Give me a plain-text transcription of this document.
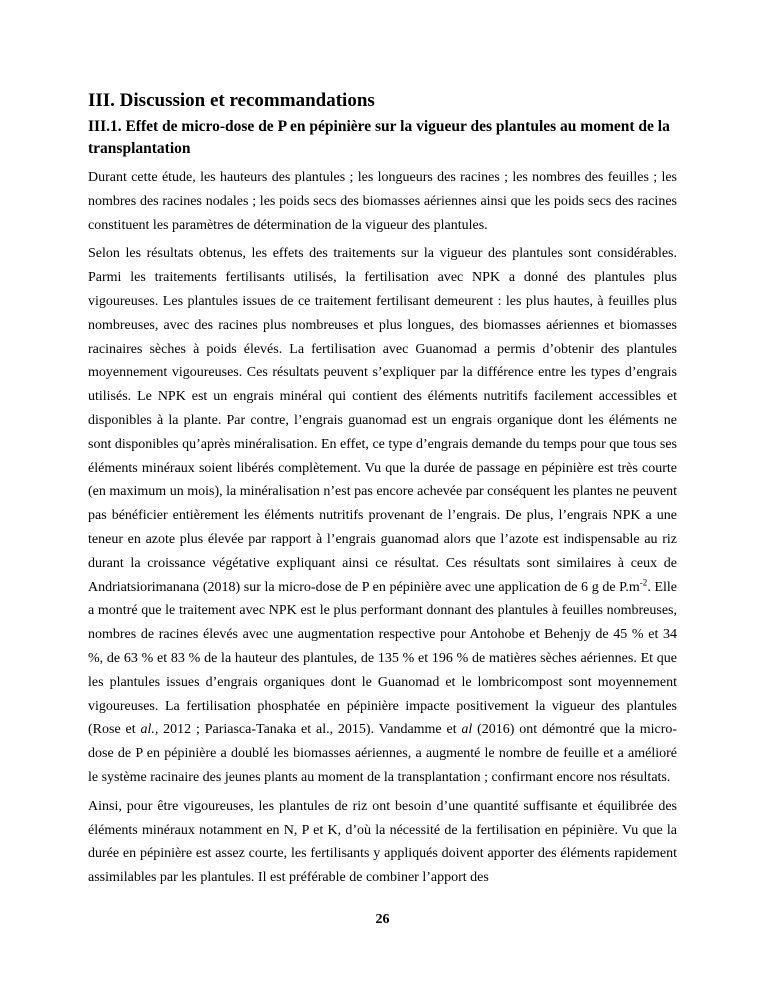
III. Discussion et recommandations
III.1. Effet de micro-dose de P en pépinière sur la vigueur des plantules au moment de la transplantation

Durant cette étude, les hauteurs des plantules ; les longueurs des racines ; les nombres des feuilles ; les nombres des racines nodales ; les poids secs des biomasses aériennes ainsi que les poids secs des racines constituent les paramètres de détermination de la vigueur des plantules.

Selon les résultats obtenus, les effets des traitements sur la vigueur des plantules sont considérables. Parmi les traitements fertilisants utilisés, la fertilisation avec NPK a donné des plantules plus vigoureuses. Les plantules issues de ce traitement fertilisant demeurent : les plus hautes, à feuilles plus nombreuses, avec des racines plus nombreuses et plus longues, des biomasses aériennes et biomasses racinaires sèches à poids élevés. La fertilisation avec Guanomad a permis d’obtenir des plantules moyennement vigoureuses. Ces résultats peuvent s’expliquer par la différence entre les types d’engrais utilisés. Le NPK est un engrais minéral qui contient des éléments nutritifs facilement accessibles et disponibles à la plante. Par contre, l’engrais guanomad est un engrais organique dont les éléments ne sont disponibles qu’après minéralisation. En effet, ce type d’engrais demande du temps pour que tous ses éléments minéraux soient libérés complètement. Vu que la durée de passage en pépinière est très courte (en maximum un mois), la minéralisation n’est pas encore achevée par conséquent les plantes ne peuvent pas bénéficier entièrement les éléments nutritifs provenant de l’engrais. De plus, l’engrais NPK a une teneur en azote plus élevée par rapport à l’engrais guanomad alors que l’azote est indispensable au riz durant la croissance végétative expliquant ainsi ce résultat. Ces résultats sont similaires à ceux de Andriatsiorimanana (2018) sur la micro-dose de P en pépinière avec une application de 6 g de $P.m^{-2}$. Elle a montré que le traitement avec NPK est le plus performant donnant des plantules à feuilles nombreuses, nombres de racines élevés avec une augmentation respective pour Antohobe et Behenjy de 45 % et 34 %, de 63 % et 83 % de la hauteur des plantules, de 135 % et 196 % de matières sèches aériennes. Et que les plantules issues d’engrais organiques dont le Guanomad et le lombricompost sont moyennement vigoureuses. La fertilisation phosphatée en pépinière impacte positivement la vigueur des plantules (Rose et al., 2012 ; Pariasca-Tanaka et al., 2015). Vandamme et al (2016) ont démontré que la micro-dose de P en pépinière a doublé les biomasses aériennes, a augmenté le nombre de feuille et a amélioré le système racinaire des jeunes plants au moment de la transplantation ; confirmant encore nos résultats.

Ainsi, pour être vigoureuses, les plantules de riz ont besoin d’une quantité suffisante et équilibrée des éléments minéraux notamment en N, P et K, d’où la nécessité de la fertilisation en pépinière. Vu que la durée en pépinière est assez courte, les fertilisants y appliqués doivent apporter des éléments rapidement assimilables par les plantules. Il est préférable de combiner l’apport des

26
